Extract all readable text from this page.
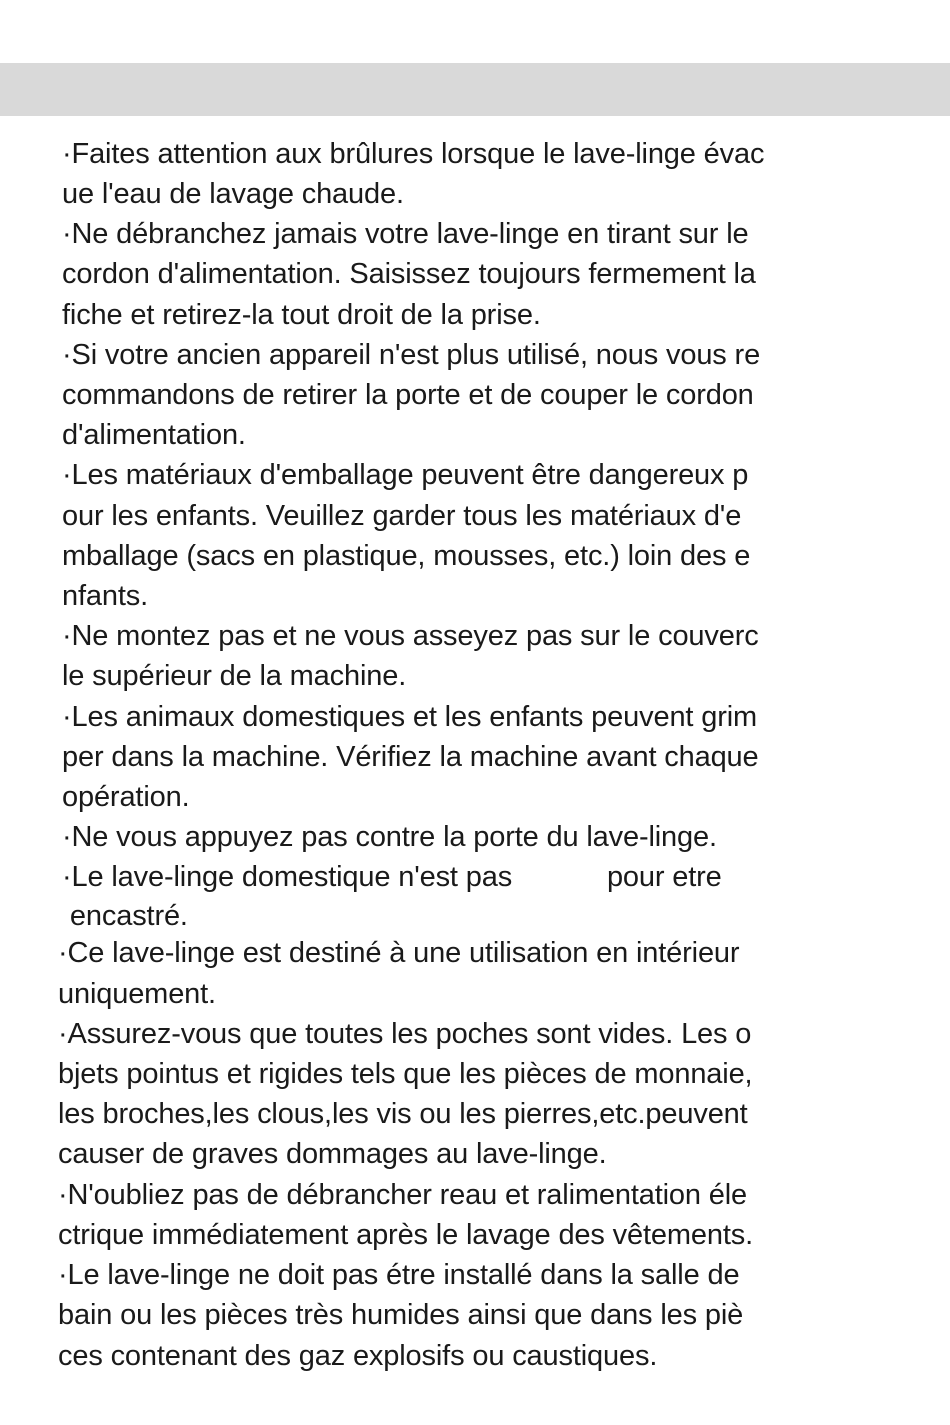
·Faites attention aux brûlures lorsque le lave-linge évac
ue l'eau de lavage chaude.
·Ne débranchez jamais votre lave-linge en tirant sur le
cordon d'alimentation. Saisissez toujours fermement la
fiche et retirez-la tout droit de la prise.
·Si votre ancien appareil n'est plus utilisé, nous vous re
commandons de retirer la porte et de couper le cordon
d'alimentation.
·Les matériaux d'emballage peuvent être dangereux p
our les enfants. Veuillez garder tous les matériaux d'e
mballage (sacs en plastique, mousses, etc.) loin des e
nfants.
·Ne montez pas et ne vous asseyez pas sur le couverc
le supérieur de la machine.
·Les animaux domestiques et les enfants peuvent grim
per dans la machine. Vérifiez la machine avant chaque
opération.
·Ne vous appuyez pas contre la porte du lave-linge.
·Le lave-linge domestique n'est pas            pour etre
encastré.
·Ce lave-linge est destiné à une utilisation en intérieur
uniquement.
·Assurez-vous que toutes les poches sont vides. Les o
bjets pointus et rigides tels que les pièces de monnaie,
les broches,les clous,les vis ou les pierres,etc.peuvent
causer de graves dommages au lave-linge.
·N'oubliez pas de débrancher reau et ralimentation éle
ctrique immédiatement après le lavage des vêtements.
·Le lave-linge ne doit pas étre installé dans la salle de
bain ou les pièces très humides ainsi que dans les piè
ces contenant des gaz explosifs ou caustiques.
